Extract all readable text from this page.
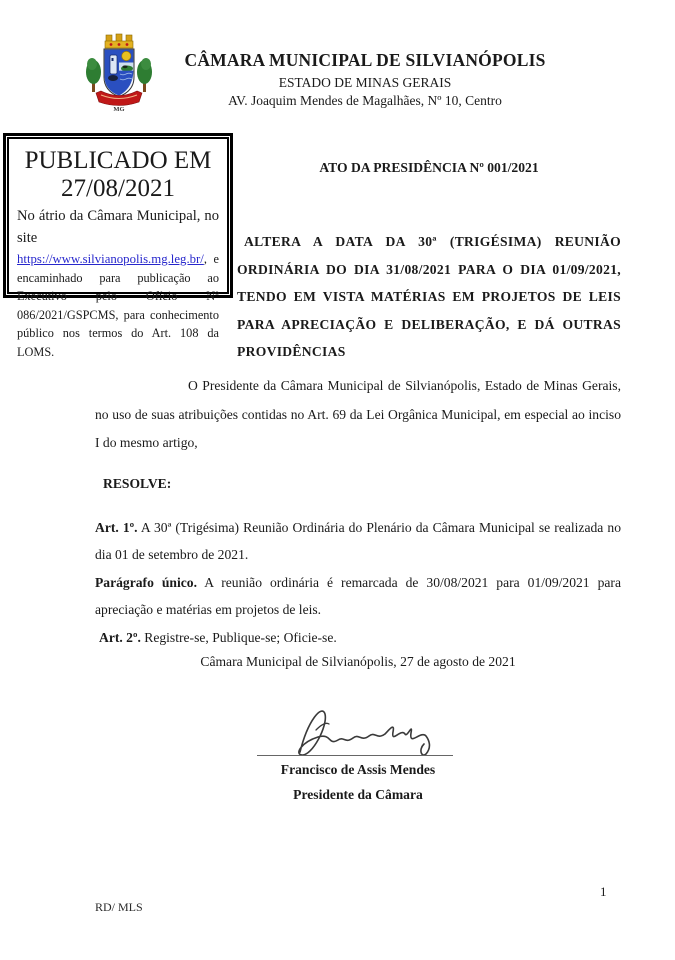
MG
CÂMARA MUNICIPAL DE SILVIANÓPOLIS
ESTADO DE MINAS GERAIS
AV. Joaquim Mendes de Magalhães, Nº 10, Centro
PUBLICADO EM
27/08/2021
No átrio da Câmara Municipal, no site https://www.silvianopolis.mg.leg.br/, e encaminhado para publicação ao Executivo pelo Ofício Nº 086/2021/GSPCMS, para conhecimento público nos termos do Art. 108 da LOMS.
ATO DA PRESIDÊNCIA Nº 001/2021
ALTERA A DATA DA 30ª (TRIGÉSIMA) REUNIÃO ORDINÁRIA DO DIA 31/08/2021 PARA O DIA 01/09/2021, TENDO EM VISTA MATÉRIAS EM PROJETOS DE LEIS PARA APRECIAÇÃO E DELIBERAÇÃO, E DÁ OUTRAS PROVIDÊNCIAS
O Presidente da Câmara Municipal de Silvianópolis, Estado de Minas Gerais, no uso de suas atribuições contidas no Art. 69 da Lei Orgânica Municipal, em especial ao inciso I do mesmo artigo,
RESOLVE:

Art. 1º. A 30ª (Trigésima) Reunião Ordinária do Plenário da Câmara Municipal se realizada no dia 01 de setembro de 2021.

Parágrafo único. A reunião ordinária é remarcada de 30/08/2021 para 01/09/2021 para apreciação e matérias em projetos de leis.

Art. 2º. Registre-se, Publique-se; Oficie-se.

Câmara Municipal de Silvianópolis, 27 de agosto de 2021
Francisco de Assis Mendes
Presidente da Câmara
RD/ MLS
1
